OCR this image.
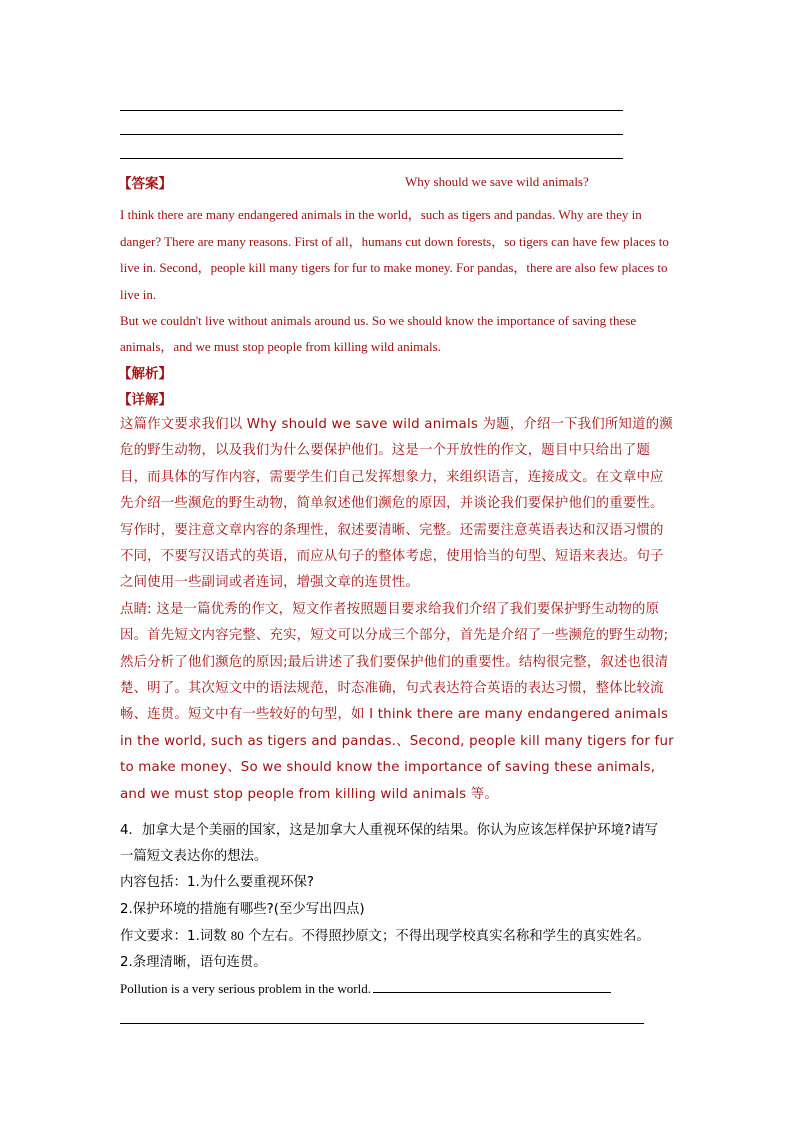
【答案】	Why should we save wild animals?

I think there are many endangered animals in the world，such as tigers and pandas. Why are they in danger? There are many reasons. First of all，humans cut down forests，so tigers can have few places to live in. Second，people kill many tigers for fur to make money. For pandas，there are also few places to live in.

But we couldn't live without animals around us. So we should know the importance of saving these animals，and we must stop people from killing wild animals.

【解析】
【详解】

这篇作文要求我们以 Why should we save wild animals 为题，介绍一下我们所知道的濒危的野生动物，以及我们为什么要保护他们。这是一个开放性的作文，题目中只给出了题目，而具体的写作内容，需要学生们自己发挥想象力，来组织语言，连接成文。在文章中应先介绍一些濒危的野生动物，简单叙述他们濒危的原因，并谈论我们要保护他们的重要性。写作时，要注意文章内容的条理性，叙述要清晰、完整。还需要注意英语表达和汉语习惯的不同，不要写汉语式的英语，而应从句子的整体考虑，使用恰当的句型、短语来表达。句子之间使用一些副词或者连词，增强文章的连贯性。

点睛: 这是一篇优秀的作文，短文作者按照题目要求给我们介绍了我们要保护野生动物的原因。首先短文内容完整、充实，短文可以分成三个部分，首先是介绍了一些濒危的野生动物;然后分析了他们濒危的原因;最后讲述了我们要保护他们的重要性。结构很完整，叙述也很清楚、明了。其次短文中的语法规范，时态准确，句式表达符合英语的表达习惯，整体比较流畅、连贯。短文中有一些较好的句型，如 I think there are many endangered animals in the world, such as tigers and pandas.、Second, people kill many tigers for fur to make money、So we should know the importance of saving these animals, and we must stop people from killing wild animals 等。

4．加拿大是个美丽的国家，这是加拿大人重视环保的结果。你认为应该怎样保护环境?请写

一篇短文表达你的想法。

内容包括：1.为什么要重视环保?

2.保护环境的措施有哪些?(至少写出四点)

作文要求：1.词数 80 个左右。不得照抄原文；不得出现学校真实名称和学生的真实姓名。

2.条理清晰，语句连贯。

Pollution is a very serious problem in the world.
